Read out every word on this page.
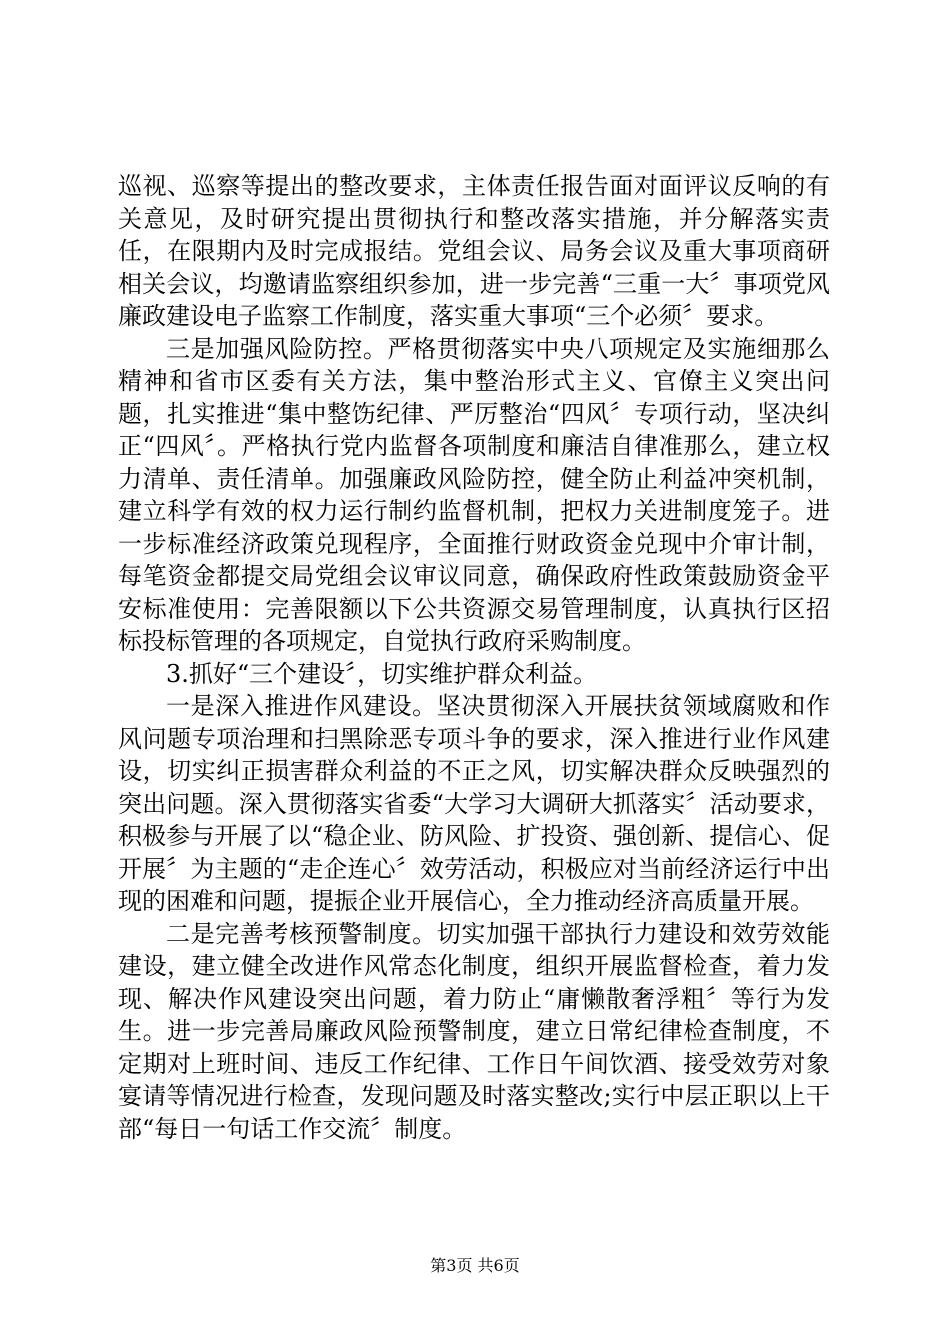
巡视、巡察等提出的整改要求，主体责任报告面对面评议反响的有关意见，及时研究提出贯彻执行和整改落实措施，并分解落实责任，在限期内及时完成报结。党组会议、局务会议及重大事项商研相关会议，均邀请监察组织参加，进一步完善“三重一大〞事项党风廉政建设电子监察工作制度，落实重大事项“三个必须〞要求。

三是加强风险防控。严格贯彻落实中央八项规定及实施细那么精神和省市区委有关方法，集中整治形式主义、官僚主义突出问题，扎实推进“集中整饬纪律、严厉整治“四风〞专项行动，坚决纠正“四风〞。严格执行党内监督各项制度和廉洁自律准那么，建立权力清单、责任清单。加强廉政风险防控，健全防止利益冲突机制，建立科学有效的权力运行制约监督机制，把权力关进制度笼子。进一步标准经济政策兑现程序，全面推行财政资金兑现中介审计制，每笔资金都提交局党组会议审议同意，确保政府性政策鼓励资金平安标准使用：完善限额以下公共资源交易管理制度，认真执行区招标投标管理的各项规定，自觉执行政府采购制度。

3.抓好“三个建设〞，切实维护群众利益。

一是深入推进作风建设。坚决贯彻深入开展扶贫领域腐败和作风问题专项治理和扫黑除恶专项斗争的要求，深入推进行业作风建设，切实纠正损害群众利益的不正之风，切实解决群众反映强烈的突出问题。深入贯彻落实省委“大学习大调研大抓落实〞活动要求，积极参与开展了以“稳企业、防风险、扩投资、强创新、提信心、促开展〞为主题的“走企连心〞效劳活动，积极应对当前经济运行中出现的困难和问题，提振企业开展信心，全力推动经济高质量开展。

二是完善考核预警制度。切实加强干部执行力建设和效劳效能建设，建立健全改进作风常态化制度，组织开展监督检查，着力发现、解决作风建设突出问题，着力防止“庸懒散奢浮粗〞等行为发生。进一步完善局廉政风险预警制度，建立日常纪律检查制度，不定期对上班时间、违反工作纪律、工作日午间饮酒、接受效劳对象宴请等情况进行检查，发现问题及时落实整改;实行中层正职以上干部“每日一句话工作交流〞制度。

第3页 共6页
